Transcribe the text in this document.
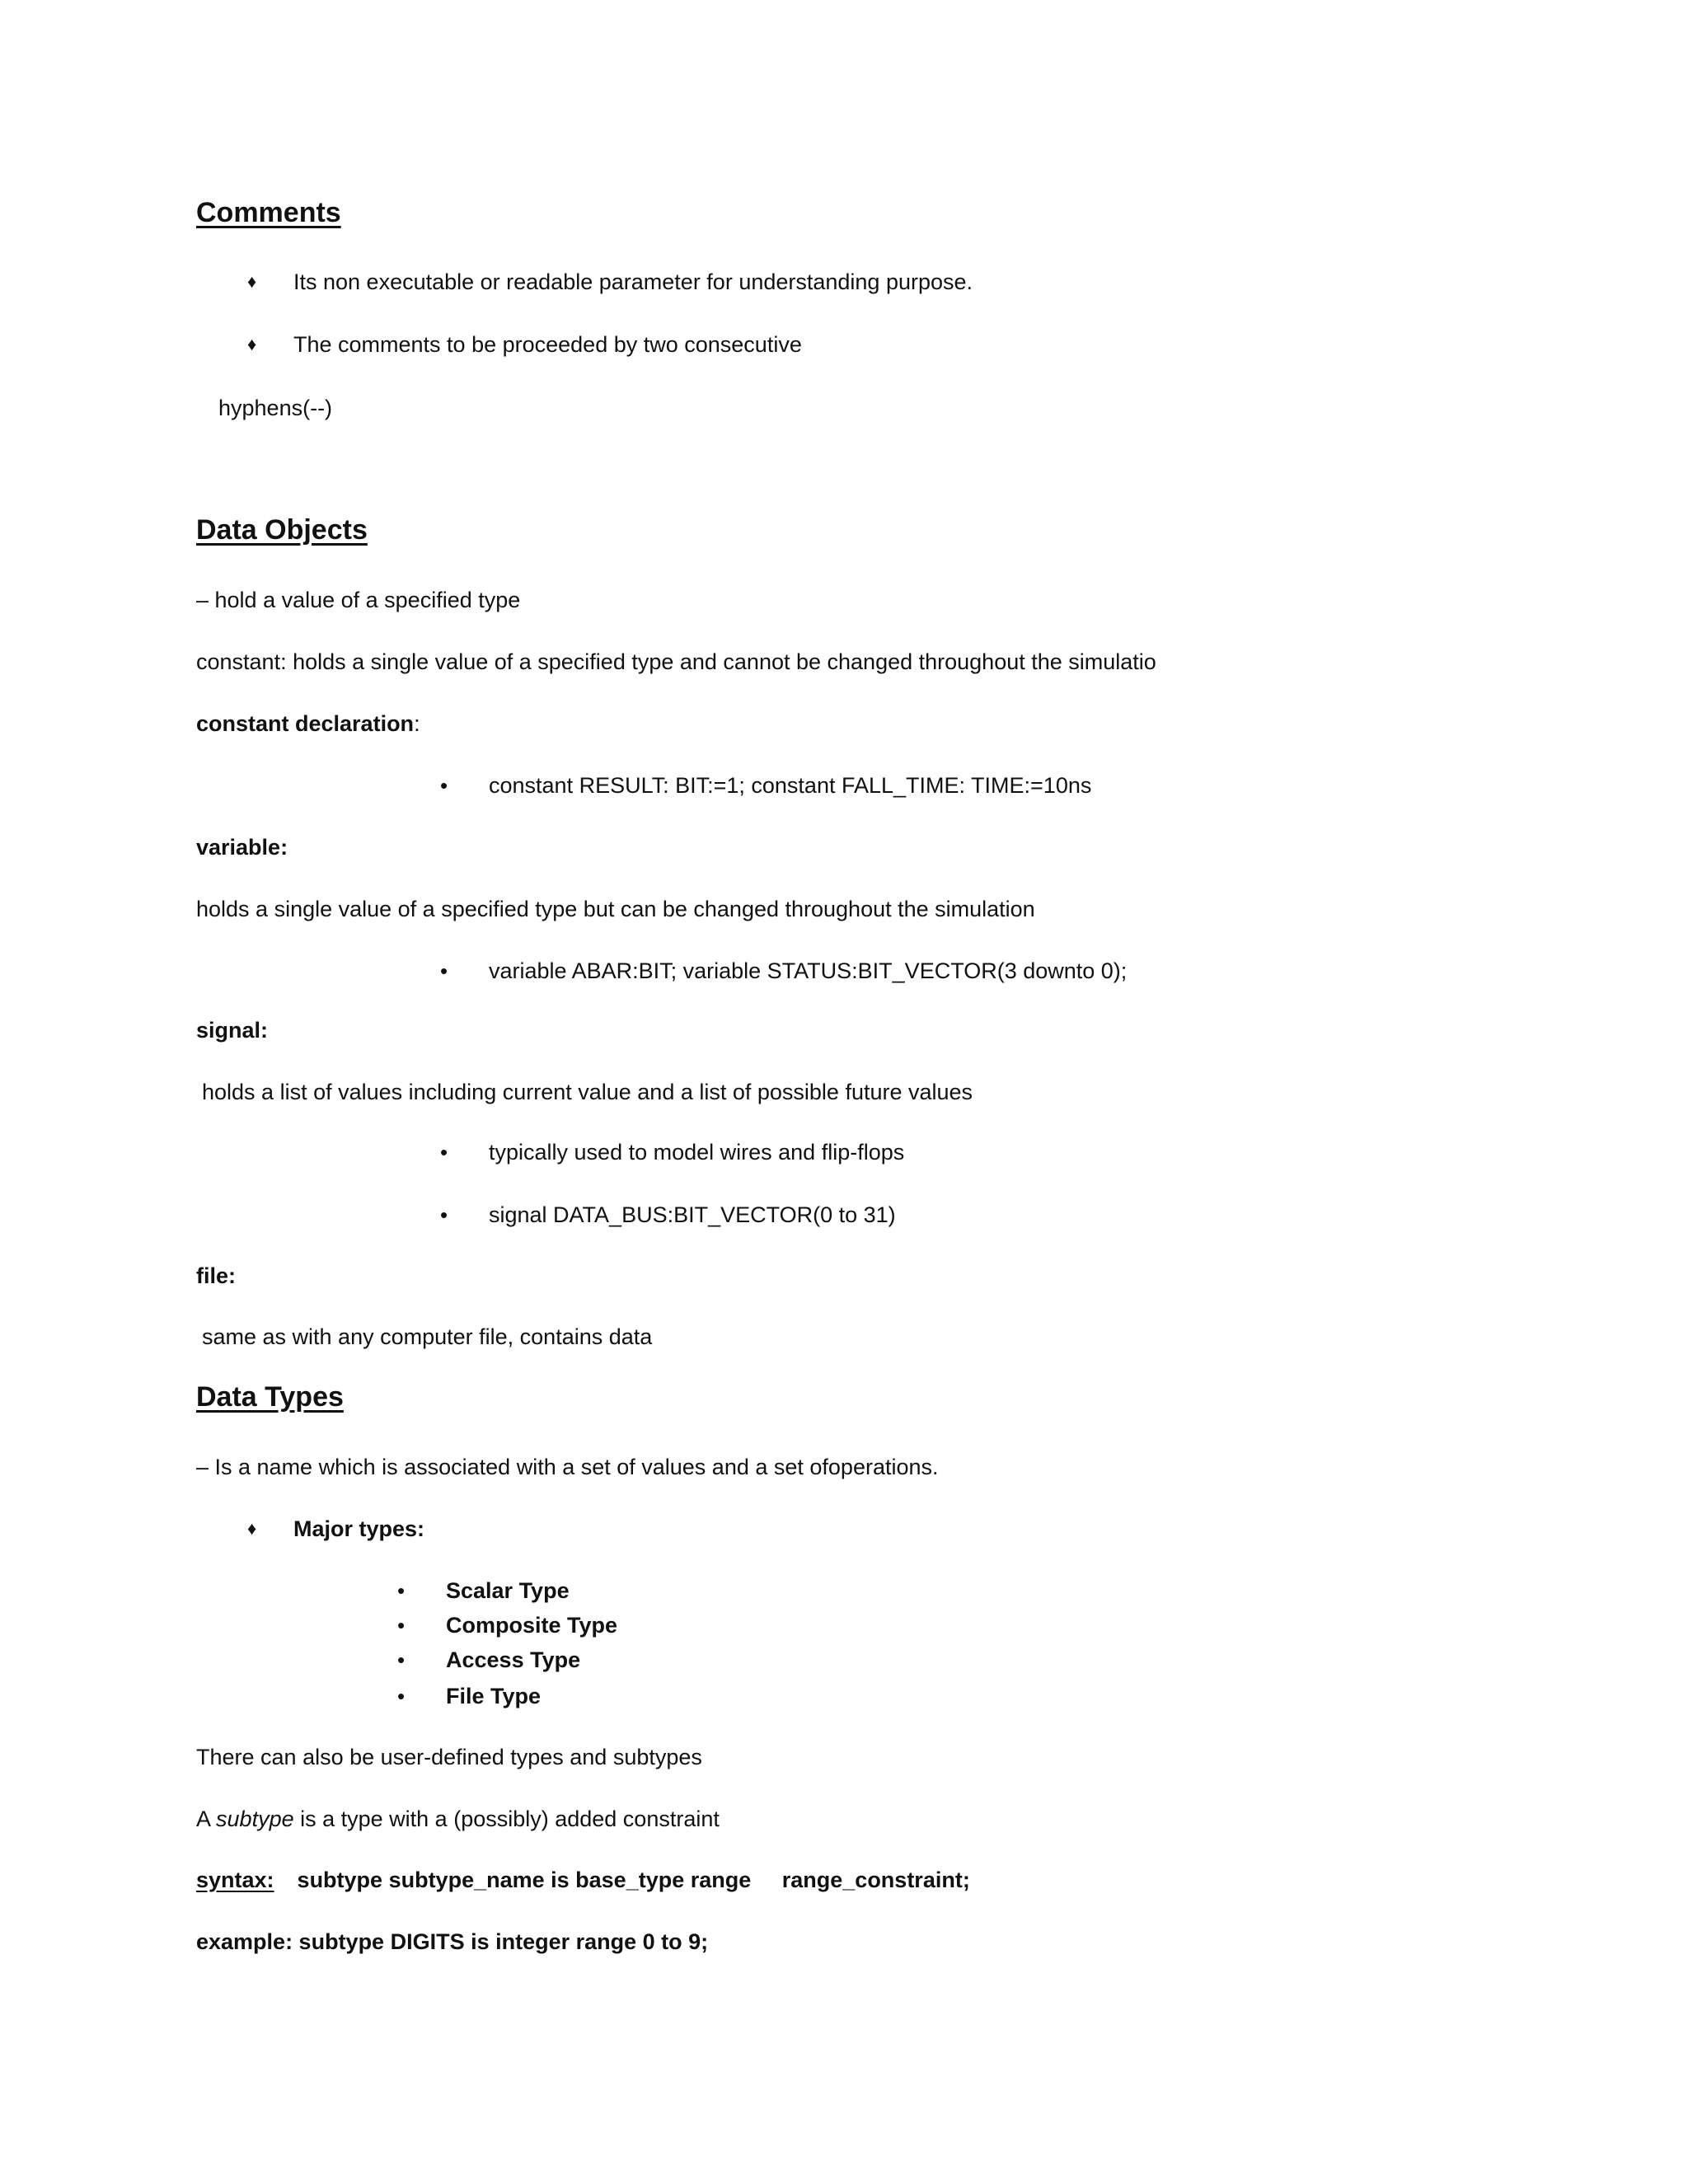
Comments
♦ Its non executable or readable parameter for understanding purpose.
♦ The comments to be proceeded by two consecutive
hyphens(--)
Data Objects
– hold a value of a specified type
constant: holds a single value of a specified type and cannot be changed throughout the simulatio
constant declaration:
• constant RESULT: BIT:=1; constant FALL_TIME: TIME:=10ns
variable:
holds a single value of a specified type but can be changed throughout the simulation
• variable ABAR:BIT; variable STATUS:BIT_VECTOR(3 downto 0);
signal:
holds a list of values including current value and a list of possible future values
• typically used to model wires and flip-flops
• signal DATA_BUS:BIT_VECTOR(0 to 31)
file:
same as with any computer file, contains data
Data Types
– Is a name which is associated with a set of values and a set ofoperations.
♦ Major types:
• Scalar Type
• Composite Type
• Access Type
• File Type
There can also be user-defined types and subtypes
A subtype is a type with a (possibly) added constraint
syntax: subtype subtype_name is base_type range     range_constraint;
example: subtype DIGITS is integer range 0 to 9;
